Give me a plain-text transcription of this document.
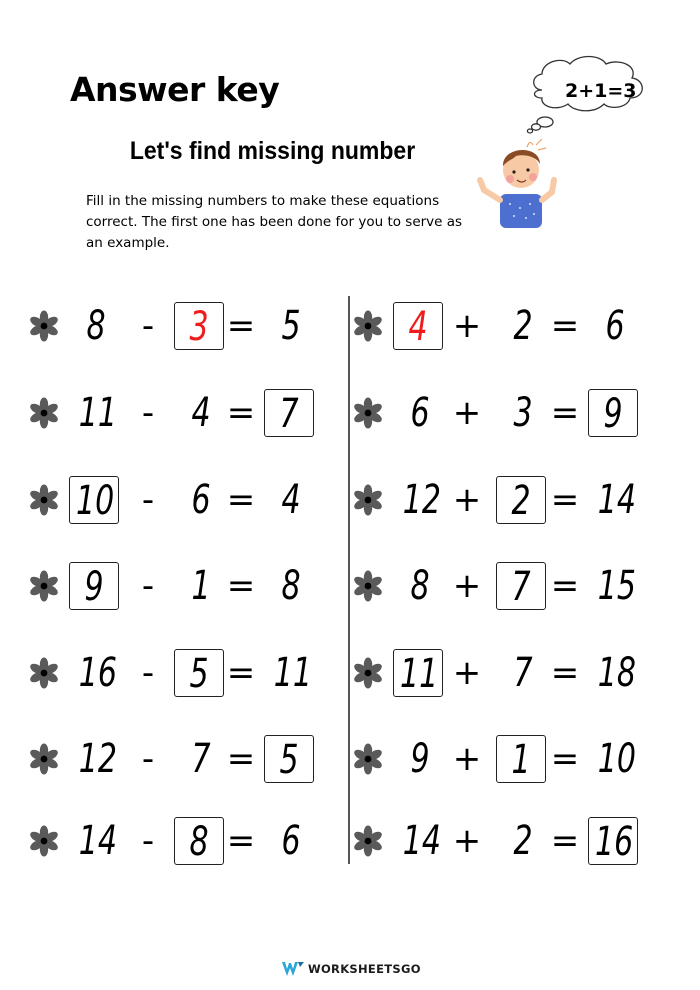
Answer key	2+1=3
Let's find missing number
Fill in the missing numbers to make these equations correct. The first one has been done for you to serve as an example.
8 - 3 = 5
11 - 4 = 7
10 - 6 = 4
9 - 1 = 8
16 - 5 = 11
12 - 7 = 5
14 - 8 = 6
4 + 2 = 6
6 + 3 = 9
12 + 2 = 14
8 + 7 = 15
11 + 7 = 18
9 + 1 = 10
14 + 2 = 16
WORKSHEETS GO
